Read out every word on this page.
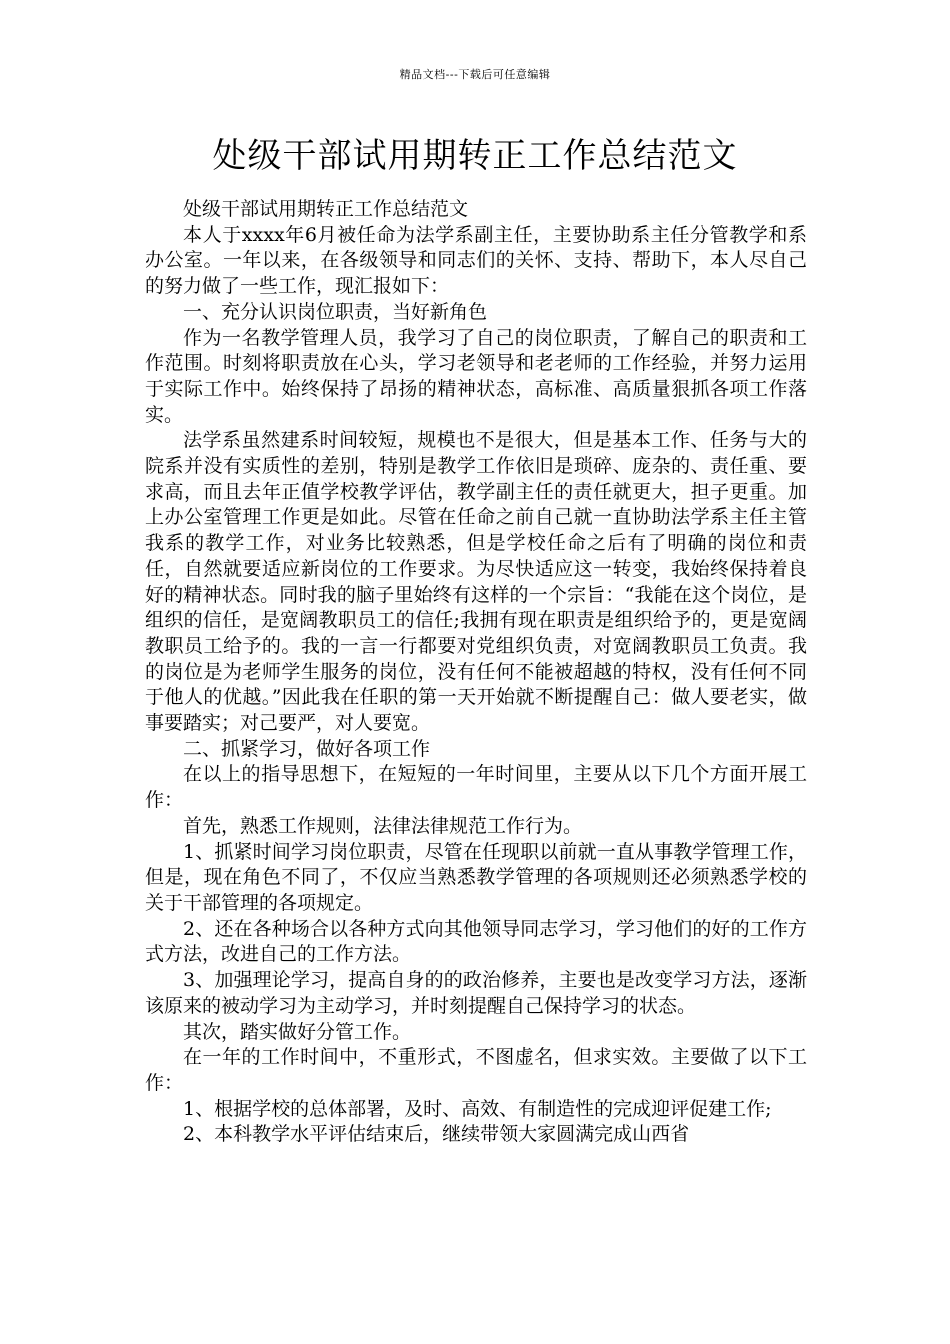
精品文档---下载后可任意编辑
处级干部试用期转正工作总结范文

处级干部试用期转正工作总结范文

本人于xxxx年6月被任命为法学系副主任，主要协助系主任分管教学和系办公室。一年以来，在各级领导和同志们的关怀、支持、帮助下，本人尽自己的努力做了一些工作，现汇报如下：

一、充分认识岗位职责，当好新角色

作为一名教学管理人员，我学习了自己的岗位职责，了解自己的职责和工作范围。时刻将职责放在心头，学习老领导和老老师的工作经验，并努力运用于实际工作中。始终保持了昂扬的精神状态，高标准、高质量狠抓各项工作落实。

法学系虽然建系时间较短，规模也不是很大，但是基本工作、任务与大的院系并没有实质性的差别，特别是教学工作依旧是琐碎、庞杂的、责任重、要求高，而且去年正值学校教学评估，教学副主任的责任就更大，担子更重。加上办公室管理工作更是如此。尽管在任命之前自己就一直协助法学系主任主管我系的教学工作，对业务比较熟悉，但是学校任命之后有了明确的岗位和责任，自然就要适应新岗位的工作要求。为尽快适应这一转变，我始终保持着良好的精神状态。同时我的脑子里始终有这样的一个宗旨：“我能在这个岗位，是组织的信任，是宽阔教职员工的信任;我拥有现在职责是组织给予的，更是宽阔教职员工给予的。我的一言一行都要对党组织负责，对宽阔教职员工负责。我的岗位是为老师学生服务的岗位，没有任何不能被超越的特权，没有任何不同于他人的优越。”因此我在任职的第一天开始就不断提醒自己：做人要老实，做事要踏实；对己要严，对人要宽。

二、抓紧学习，做好各项工作

在以上的指导思想下，在短短的一年时间里，主要从以下几个方面开展工作：

首先，熟悉工作规则，法律法律规范工作行为。

1、抓紧时间学习岗位职责，尽管在任现职以前就一直从事教学管理工作，但是，现在角色不同了，不仅应当熟悉教学管理的各项规则还必须熟悉学校的关于干部管理的各项规定。

2、还在各种场合以各种方式向其他领导同志学习，学习他们的好的工作方式方法，改进自己的工作方法。

3、加强理论学习，提高自身的的政治修养，主要也是改变学习方法，逐渐该原来的被动学习为主动学习，并时刻提醒自己保持学习的状态。

其次，踏实做好分管工作。

在一年的工作时间中，不重形式，不图虚名，但求实效。主要做了以下工作：

1、根据学校的总体部署，及时、高效、有制造性的完成迎评促建工作;

2、本科教学水平评估结束后，继续带领大家圆满完成山西省
